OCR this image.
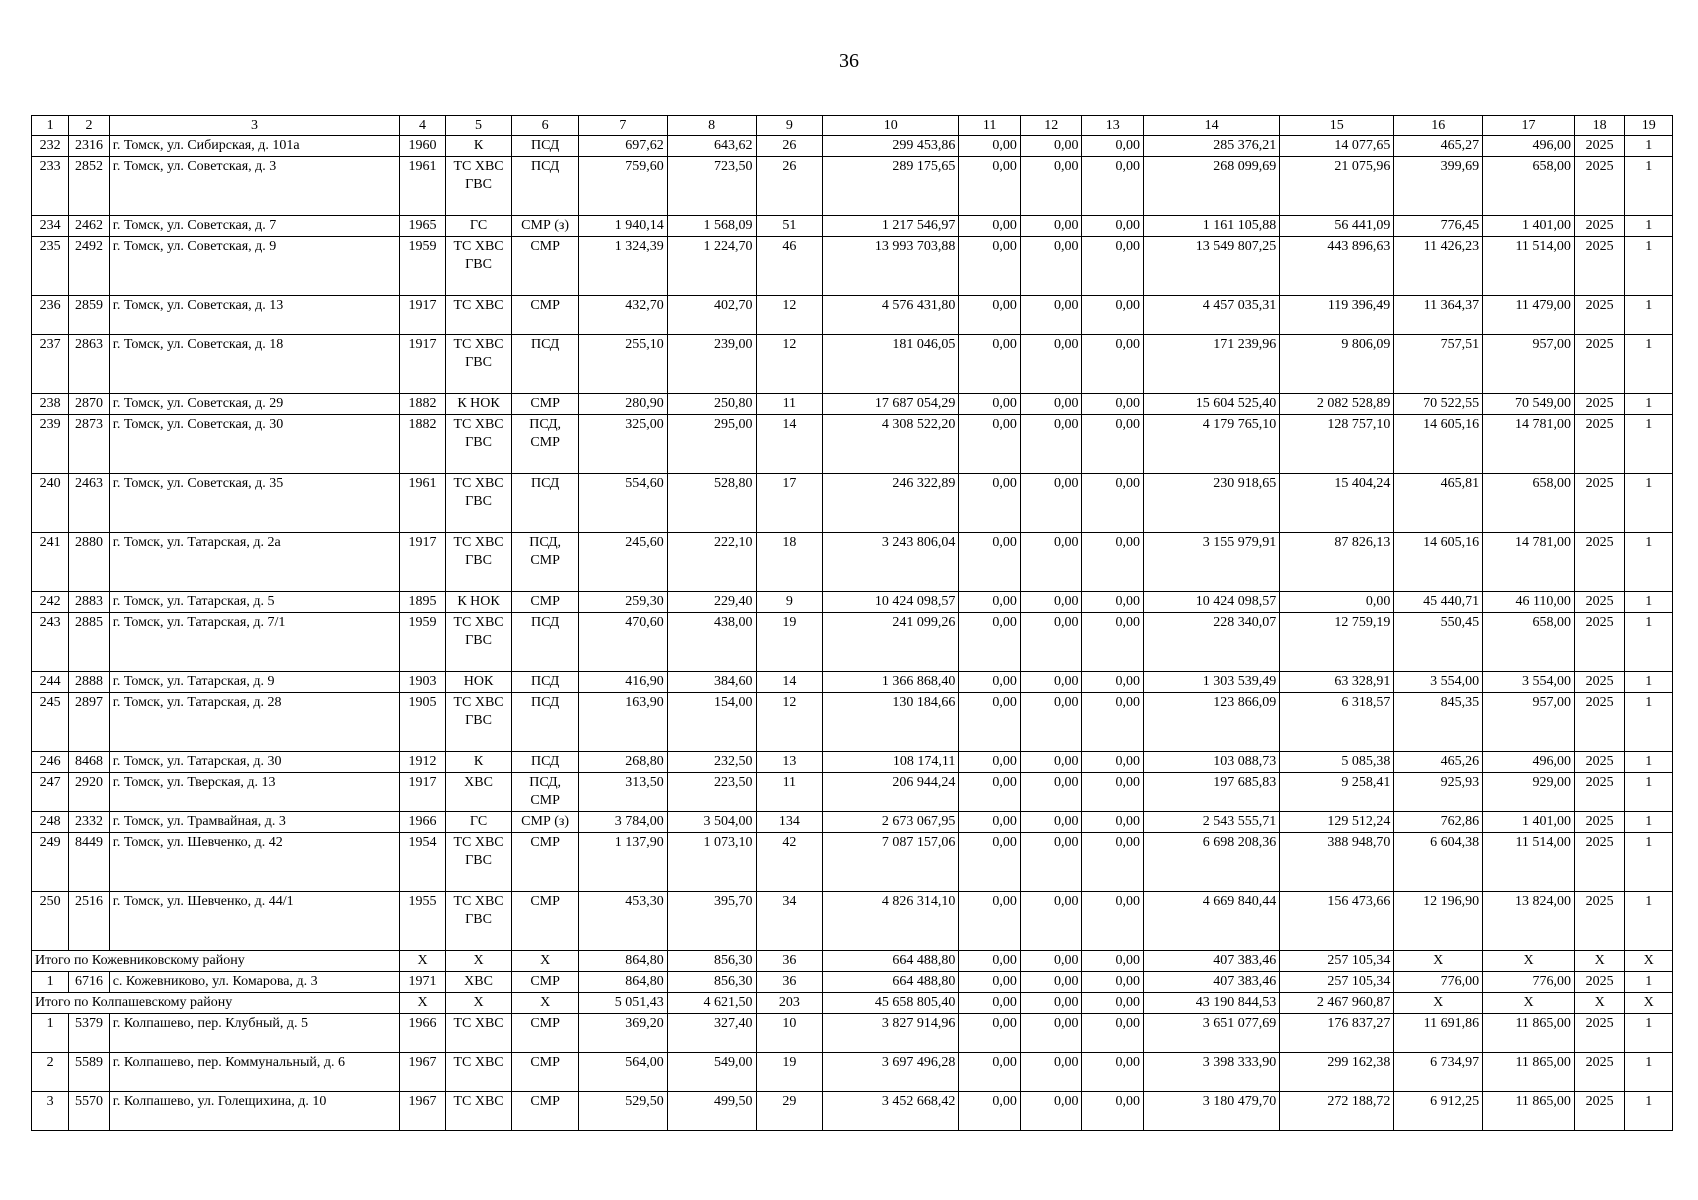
36
1	2	3	4	5	6	7	8	9	10	11	12	13	14	15	16	17	18	19
232	2316	г. Томск, ул. Сибирская, д. 101а	1960	К	ПСД	697,62	643,62	26	299 453,86	0,00	0,00	0,00	285 376,21	14 077,65	465,27	496,00	2025	1
233	2852	г. Томск, ул. Советская, д. 3	1961	ТС ХВС ГВС	ПСД	759,60	723,50	26	289 175,65	0,00	0,00	0,00	268 099,69	21 075,96	399,69	658,00	2025	1
234	2462	г. Томск, ул. Советская, д. 7	1965	ГС	СМР (з)	1 940,14	1 568,09	51	1 217 546,97	0,00	0,00	0,00	1 161 105,88	56 441,09	776,45	1 401,00	2025	1
235	2492	г. Томск, ул. Советская, д. 9	1959	ТС ХВС ГВС	СМР	1 324,39	1 224,70	46	13 993 703,88	0,00	0,00	0,00	13 549 807,25	443 896,63	11 426,23	11 514,00	2025	1
236	2859	г. Томск, ул. Советская, д. 13	1917	ТС ХВС	СМР	432,70	402,70	12	4 576 431,80	0,00	0,00	0,00	4 457 035,31	119 396,49	11 364,37	11 479,00	2025	1
237	2863	г. Томск, ул. Советская, д. 18	1917	ТС ХВС ГВС	ПСД	255,10	239,00	12	181 046,05	0,00	0,00	0,00	171 239,96	9 806,09	757,51	957,00	2025	1
238	2870	г. Томск, ул. Советская, д. 29	1882	К НОК	СМР	280,90	250,80	11	17 687 054,29	0,00	0,00	0,00	15 604 525,40	2 082 528,89	70 522,55	70 549,00	2025	1
239	2873	г. Томск, ул. Советская, д. 30	1882	ТС ХВС ГВС	ПСД, СМР	325,00	295,00	14	4 308 522,20	0,00	0,00	0,00	4 179 765,10	128 757,10	14 605,16	14 781,00	2025	1
240	2463	г. Томск, ул. Советская, д. 35	1961	ТС ХВС ГВС	ПСД	554,60	528,80	17	246 322,89	0,00	0,00	0,00	230 918,65	15 404,24	465,81	658,00	2025	1
241	2880	г. Томск, ул. Татарская, д. 2а	1917	ТС ХВС ГВС	ПСД, СМР	245,60	222,10	18	3 243 806,04	0,00	0,00	0,00	3 155 979,91	87 826,13	14 605,16	14 781,00	2025	1
242	2883	г. Томск, ул. Татарская, д. 5	1895	К НОК	СМР	259,30	229,40	9	10 424 098,57	0,00	0,00	0,00	10 424 098,57	0,00	45 440,71	46 110,00	2025	1
243	2885	г. Томск, ул. Татарская, д. 7/1	1959	ТС ХВС ГВС	ПСД	470,60	438,00	19	241 099,26	0,00	0,00	0,00	228 340,07	12 759,19	550,45	658,00	2025	1
244	2888	г. Томск, ул. Татарская, д. 9	1903	НОК	ПСД	416,90	384,60	14	1 366 868,40	0,00	0,00	0,00	1 303 539,49	63 328,91	3 554,00	3 554,00	2025	1
245	2897	г. Томск, ул. Татарская, д. 28	1905	ТС ХВС ГВС	ПСД	163,90	154,00	12	130 184,66	0,00	0,00	0,00	123 866,09	6 318,57	845,35	957,00	2025	1
246	8468	г. Томск, ул. Татарская, д. 30	1912	К	ПСД	268,80	232,50	13	108 174,11	0,00	0,00	0,00	103 088,73	5 085,38	465,26	496,00	2025	1
247	2920	г. Томск, ул. Тверская, д. 13	1917	ХВС	ПСД, СМР	313,50	223,50	11	206 944,24	0,00	0,00	0,00	197 685,83	9 258,41	925,93	929,00	2025	1
248	2332	г. Томск, ул. Трамвайная, д. 3	1966	ГС	СМР (з)	3 784,00	3 504,00	134	2 673 067,95	0,00	0,00	0,00	2 543 555,71	129 512,24	762,86	1 401,00	2025	1
249	8449	г. Томск, ул. Шевченко, д. 42	1954	ТС ХВС ГВС	СМР	1 137,90	1 073,10	42	7 087 157,06	0,00	0,00	0,00	6 698 208,36	388 948,70	6 604,38	11 514,00	2025	1
250	2516	г. Томск, ул. Шевченко, д. 44/1	1955	ТС ХВС ГВС	СМР	453,30	395,70	34	4 826 314,10	0,00	0,00	0,00	4 669 840,44	156 473,66	12 196,90	13 824,00	2025	1
Итого по Кожевниковскому району			X	X	X	864,80	856,30	36	664 488,80	0,00	0,00	0,00	407 383,46	257 105,34	X	X	X	X
1	6716	с. Кожевниково, ул. Комарова, д. 3	1971	ХВС	СМР	864,80	856,30	36	664 488,80	0,00	0,00	0,00	407 383,46	257 105,34	776,00	776,00	2025	1
Итого по Колпашевскому району			X	X	X	5 051,43	4 621,50	203	45 658 805,40	0,00	0,00	0,00	43 190 844,53	2 467 960,87	X	X	X	X
1	5379	г. Колпашево, пер. Клубный, д. 5	1966	ТС ХВС	СМР	369,20	327,40	10	3 827 914,96	0,00	0,00	0,00	3 651 077,69	176 837,27	11 691,86	11 865,00	2025	1
2	5589	г. Колпашево, пер. Коммунальный, д. 6	1967	ТС ХВС	СМР	564,00	549,00	19	3 697 496,28	0,00	0,00	0,00	3 398 333,90	299 162,38	6 734,97	11 865,00	2025	1
3	5570	г. Колпашево, ул. Голещихина, д. 10	1967	ТС ХВС	СМР	529,50	499,50	29	3 452 668,42	0,00	0,00	0,00	3 180 479,70	272 188,72	6 912,25	11 865,00	2025	1
